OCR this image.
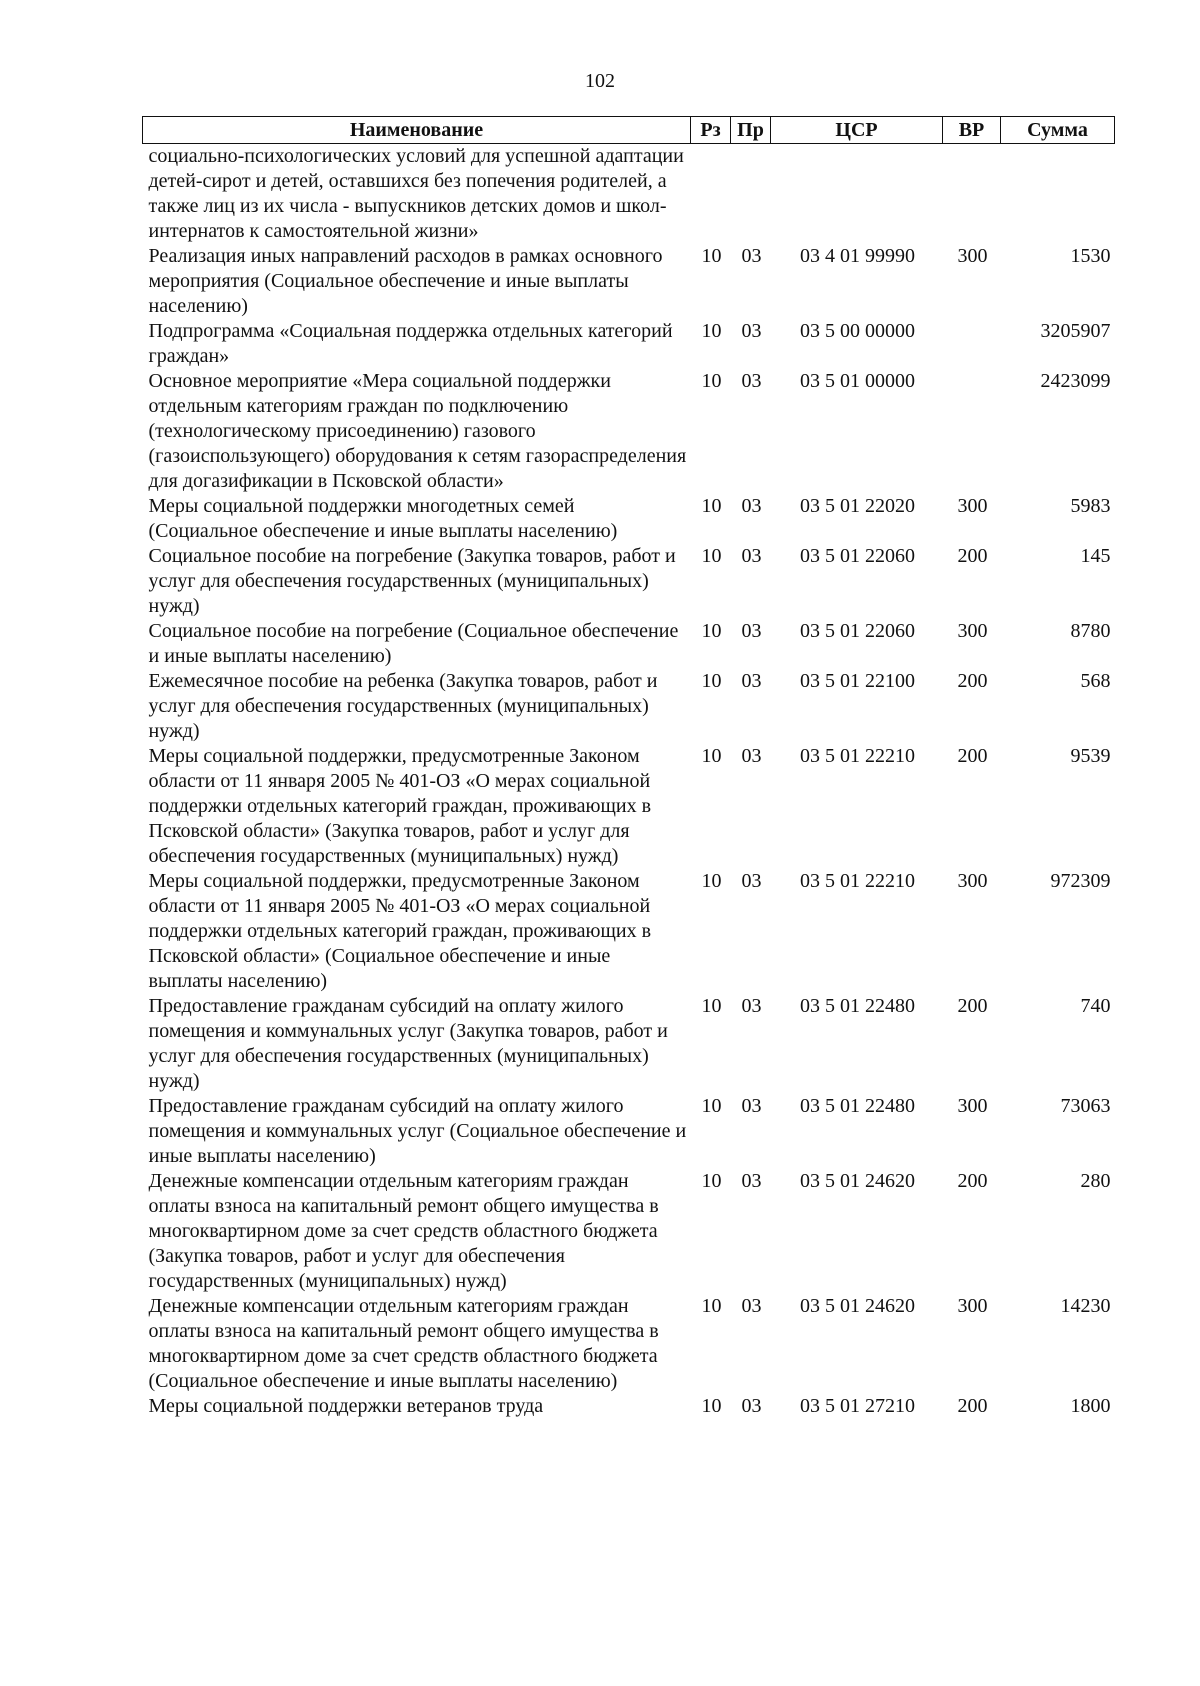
102
Наименование	Рз	Пр	ЦСР	ВР	Сумма
социально-психологических условий для успешной адаптации детей-сирот и детей, оставшихся без попечения родителей, а также лиц из их числа - выпускников детских домов и школ-интернатов к самостоятельной жизни»					
Реализация иных направлений расходов в рамках основного мероприятия (Социальное обеспечение и иные выплаты населению)	10	03	03 4 01 99990	300	1530
Подпрограмма «Социальная поддержка отдельных категорий граждан»	10	03	03 5 00 00000		3205907
Основное мероприятие «Мера социальной поддержки отдельным категориям граждан по подключению (технологическому присоединению) газового (газоиспользующего) оборудования к сетям газораспределения для догазификации в Псковской области»	10	03	03 5 01 00000		2423099
Меры социальной поддержки многодетных семей (Социальное обеспечение и иные выплаты населению)	10	03	03 5 01 22020	300	5983
Социальное пособие на погребение (Закупка товаров, работ и услуг для обеспечения государственных (муниципальных) нужд)	10	03	03 5 01 22060	200	145
Социальное пособие на погребение (Социальное обеспечение и иные выплаты населению)	10	03	03 5 01 22060	300	8780
Ежемесячное пособие на ребенка (Закупка товаров, работ и услуг для обеспечения государственных (муниципальных) нужд)	10	03	03 5 01 22100	200	568
Меры социальной поддержки, предусмотренные Законом области от 11 января 2005 № 401-ОЗ «О мерах социальной поддержки отдельных категорий граждан, проживающих в Псковской области» (Закупка товаров, работ и услуг для обеспечения государственных (муниципальных) нужд)	10	03	03 5 01 22210	200	9539
Меры социальной поддержки, предусмотренные Законом области от 11 января 2005 № 401-ОЗ «О мерах социальной поддержки отдельных категорий граждан, проживающих в Псковской области» (Социальное обеспечение и иные выплаты населению)	10	03	03 5 01 22210	300	972309
Предоставление гражданам субсидий на оплату жилого помещения и коммунальных услуг (Закупка товаров, работ и услуг для обеспечения государственных (муниципальных) нужд)	10	03	03 5 01 22480	200	740
Предоставление гражданам субсидий на оплату жилого помещения и коммунальных услуг (Социальное обеспечение и иные выплаты населению)	10	03	03 5 01 22480	300	73063
Денежные компенсации отдельным категориям граждан оплаты взноса на капитальный ремонт общего имущества в многоквартирном доме за счет средств областного бюджета (Закупка товаров, работ и услуг для обеспечения государственных (муниципальных) нужд)	10	03	03 5 01 24620	200	280
Денежные компенсации отдельным категориям граждан оплаты взноса на капитальный ремонт общего имущества в многоквартирном доме за счет средств областного бюджета (Социальное обеспечение и иные выплаты населению)	10	03	03 5 01 24620	300	14230
Меры социальной поддержки ветеранов труда	10	03	03 5 01 27210	200	1800
